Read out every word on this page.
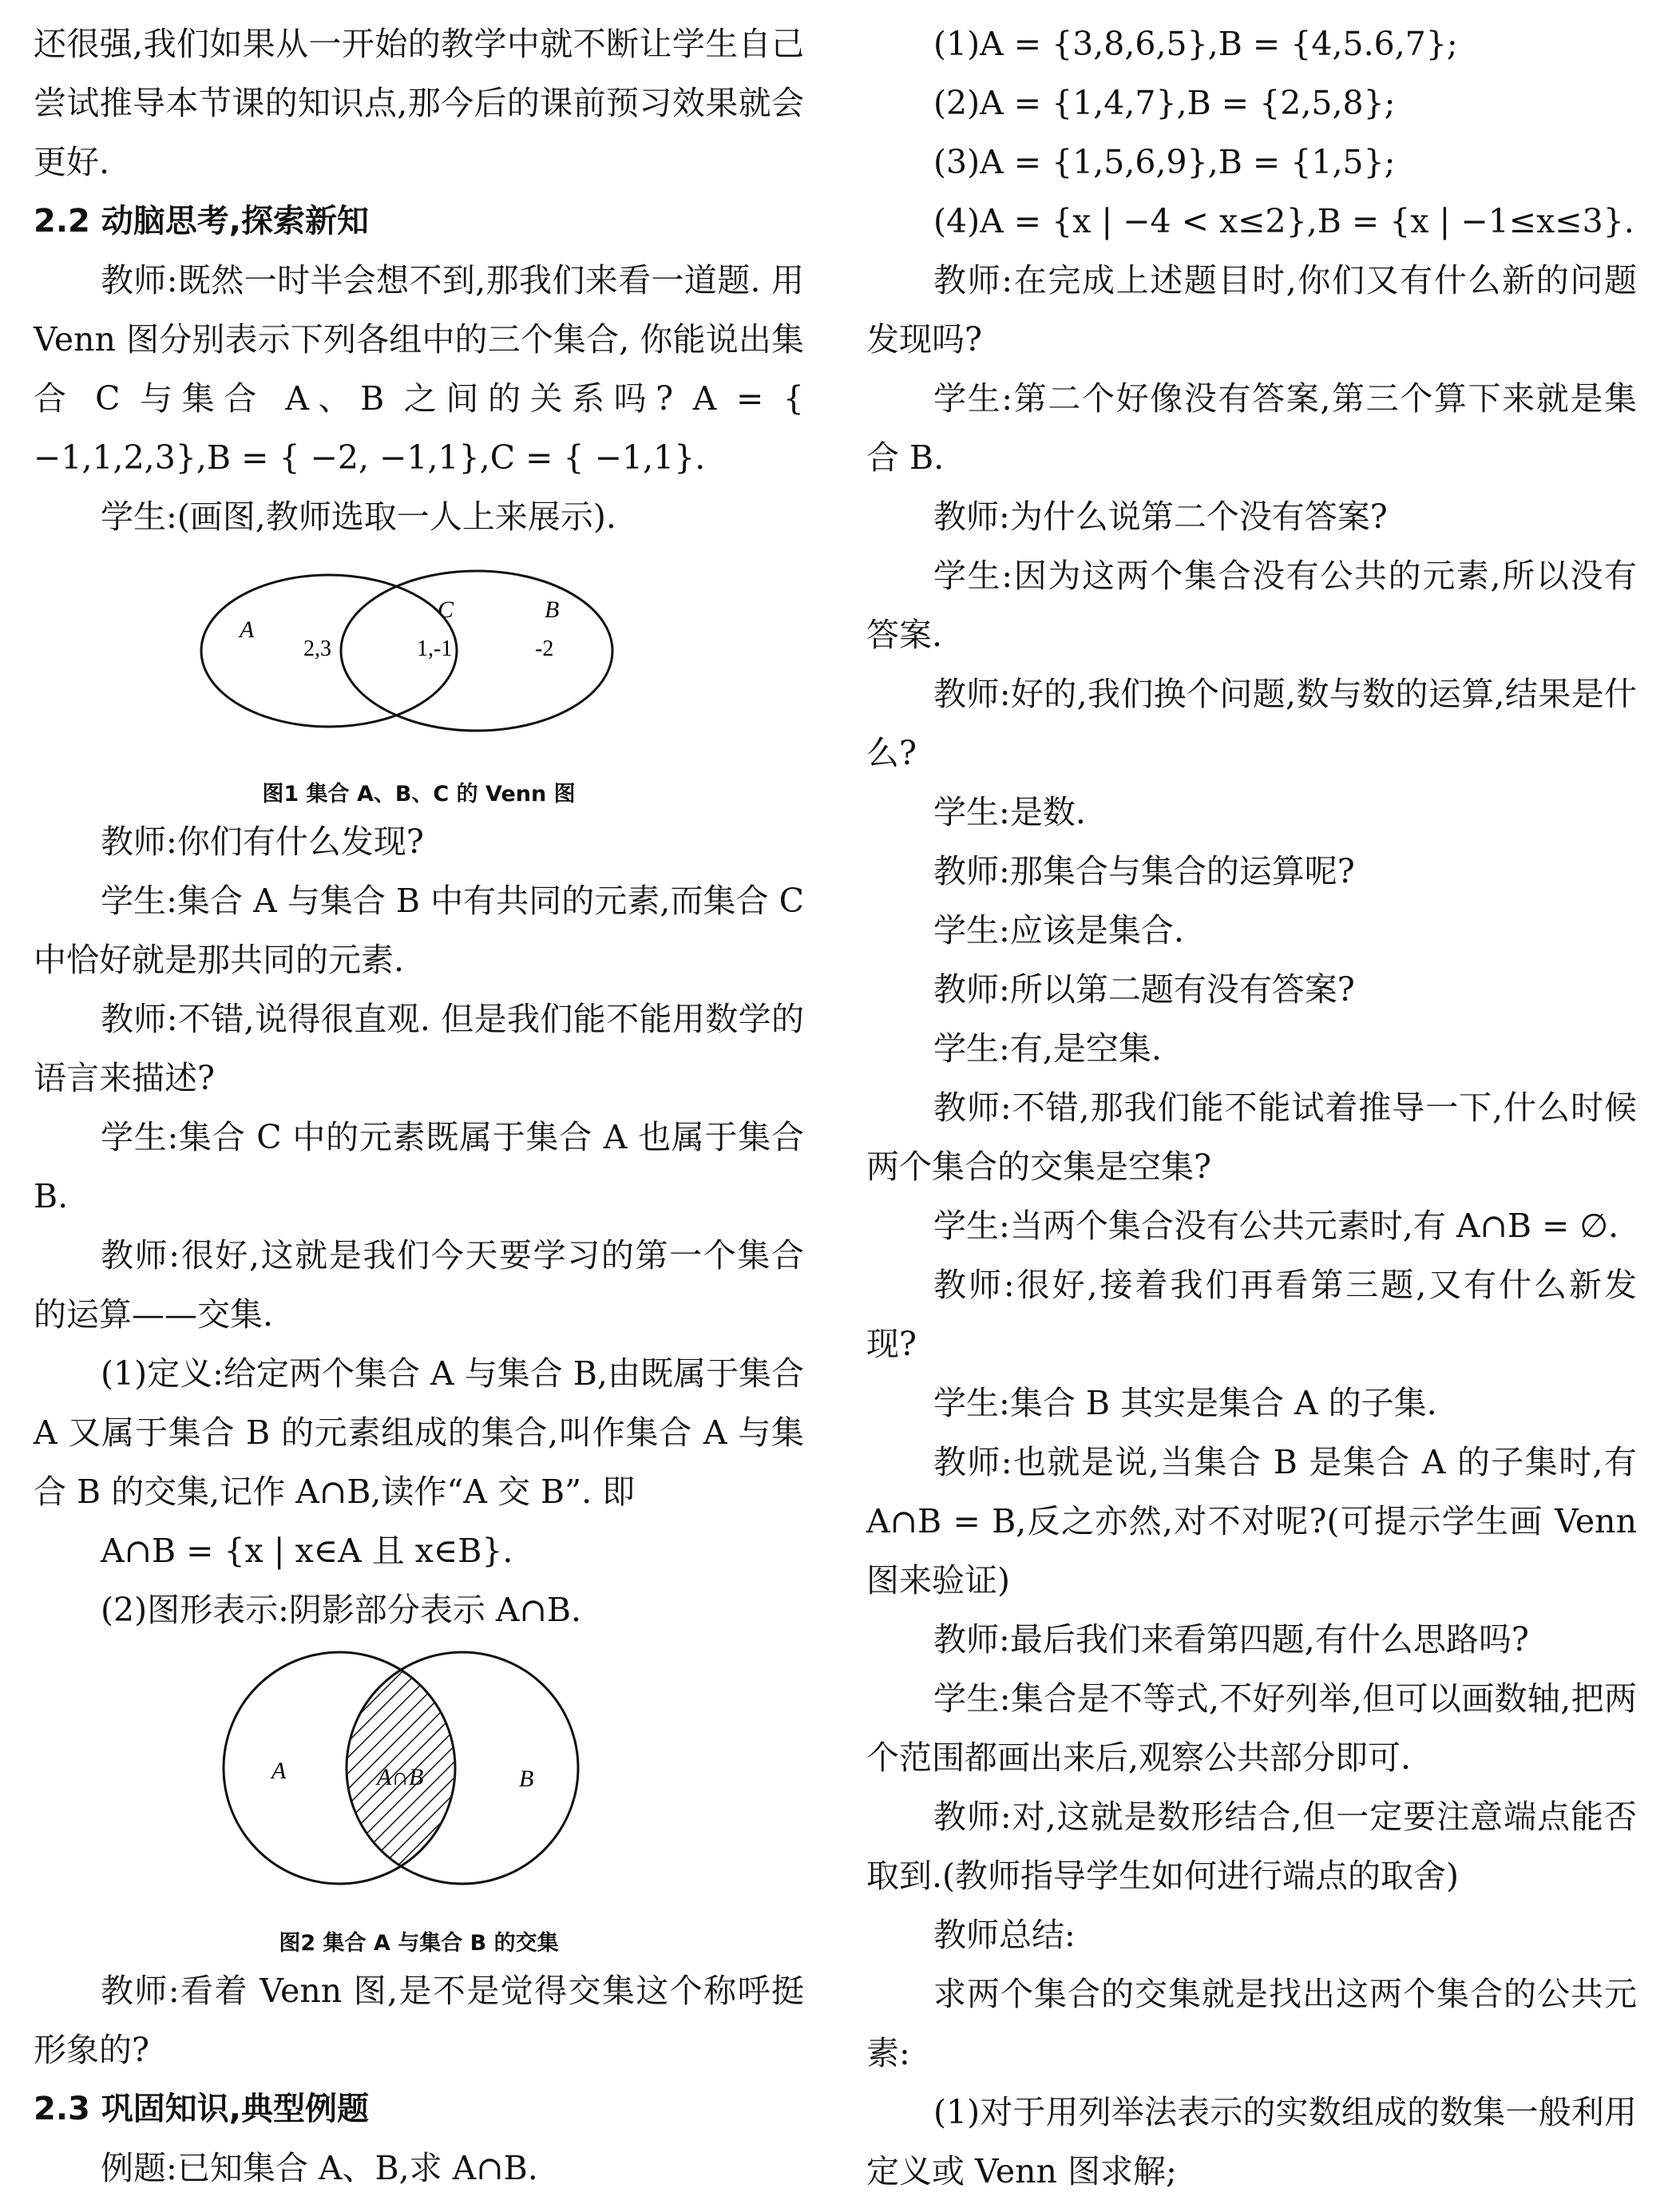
还很强,我们如果从一开始的教学中就不断让学生自己尝试推导本节课的知识点,那今后的课前预习效果就会更好.

2.2 动脑思考,探索新知

教师:既然一时半会想不到,那我们来看一道题. 用 Venn 图分别表示下列各组中的三个集合, 你能说出集合 C 与集合 A、B 之间的关系吗? A = { −1,1,2,3},B = { −2, −1,1},C = { −1,1}.

学生:(画图,教师选取一人上来展示).

A
C	B
2,3	1,-1	-2

图1 集合 A、B、C 的 Venn 图

教师:你们有什么发现?

学生:集合 A 与集合 B 中有共同的元素,而集合 C 中恰好就是那共同的元素.

教师:不错,说得很直观. 但是我们能不能用数学的语言来描述?

学生:集合 C 中的元素既属于集合 A 也属于集合 B.

教师:很好,这就是我们今天要学习的第一个集合的运算——交集.

(1)定义:给定两个集合 A 与集合 B,由既属于集合 A 又属于集合 B 的元素组成的集合,叫作集合 A 与集合 B 的交集,记作 A∩B,读作“A 交 B”. 即

A∩B = {x | x∈A 且 x∈B}.

(2)图形表示:阴影部分表示 A∩B.

A	A∩B	B

图2 集合 A 与集合 B 的交集

教师:看着 Venn 图,是不是觉得交集这个称呼挺形象的?

2.3 巩固知识,典型例题

例题:已知集合 A、B,求 A∩B.

(1)A = {3,8,6,5},B = {4,5.6,7};

(2)A = {1,4,7},B = {2,5,8};

(3)A = {1,5,6,9},B = {1,5};

(4)A = {x | −4 < x≤2},B = {x | −1≤x≤3}.

教师:在完成上述题目时,你们又有什么新的问题发现吗?

学生:第二个好像没有答案,第三个算下来就是集合 B.

教师:为什么说第二个没有答案?

学生:因为这两个集合没有公共的元素,所以没有答案.

教师:好的,我们换个问题,数与数的运算,结果是什么?

学生:是数.

教师:那集合与集合的运算呢?

学生:应该是集合.

教师:所以第二题有没有答案?

学生:有,是空集.

教师:不错,那我们能不能试着推导一下,什么时候两个集合的交集是空集?

学生:当两个集合没有公共元素时,有 A∩B = ∅.

教师:很好,接着我们再看第三题,又有什么新发现?

学生:集合 B 其实是集合 A 的子集.

教师:也就是说,当集合 B 是集合 A 的子集时,有 A∩B = B,反之亦然,对不对呢?(可提示学生画 Venn 图来验证)

教师:最后我们来看第四题,有什么思路吗?

学生:集合是不等式,不好列举,但可以画数轴,把两个范围都画出来后,观察公共部分即可.

教师:对,这就是数形结合,但一定要注意端点能否取到.(教师指导学生如何进行端点的取舍)

教师总结:

求两个集合的交集就是找出这两个集合的公共元素:

(1)对于用列举法表示的实数组成的数集一般利用定义或 Venn 图求解;
